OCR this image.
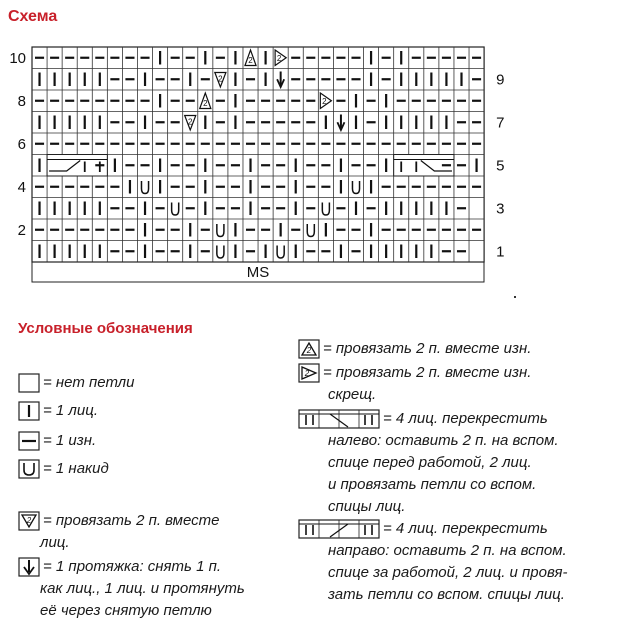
Схема
2	2
2
2	2
2
10
8
6
4
2
9
7
5
3
1
MS
Условные обозначения
= нет петли
= 1 лиц.
= 1 изн.
= 1 накид
2 = провязать 2 п. вместе
лиц.
= 1 протяжка: снять 1 п.
как лиц., 1 лиц. и протянуть
её через снятую петлю
2 = провязать 2 п. вместе изн.
2 = провязать 2 п. вместе изн.
скрещ.
= 4 лиц. перекрестить
налево: оставить 2 п. на вспом.
спице перед работой, 2 лиц.
и провязать петли со вспом.
спицы лиц.
= 4 лиц. перекрестить
направо: оставить 2 п. на вспом.
спице за работой, 2 лиц. и провя-
зать петли со вспом. спицы лиц.
